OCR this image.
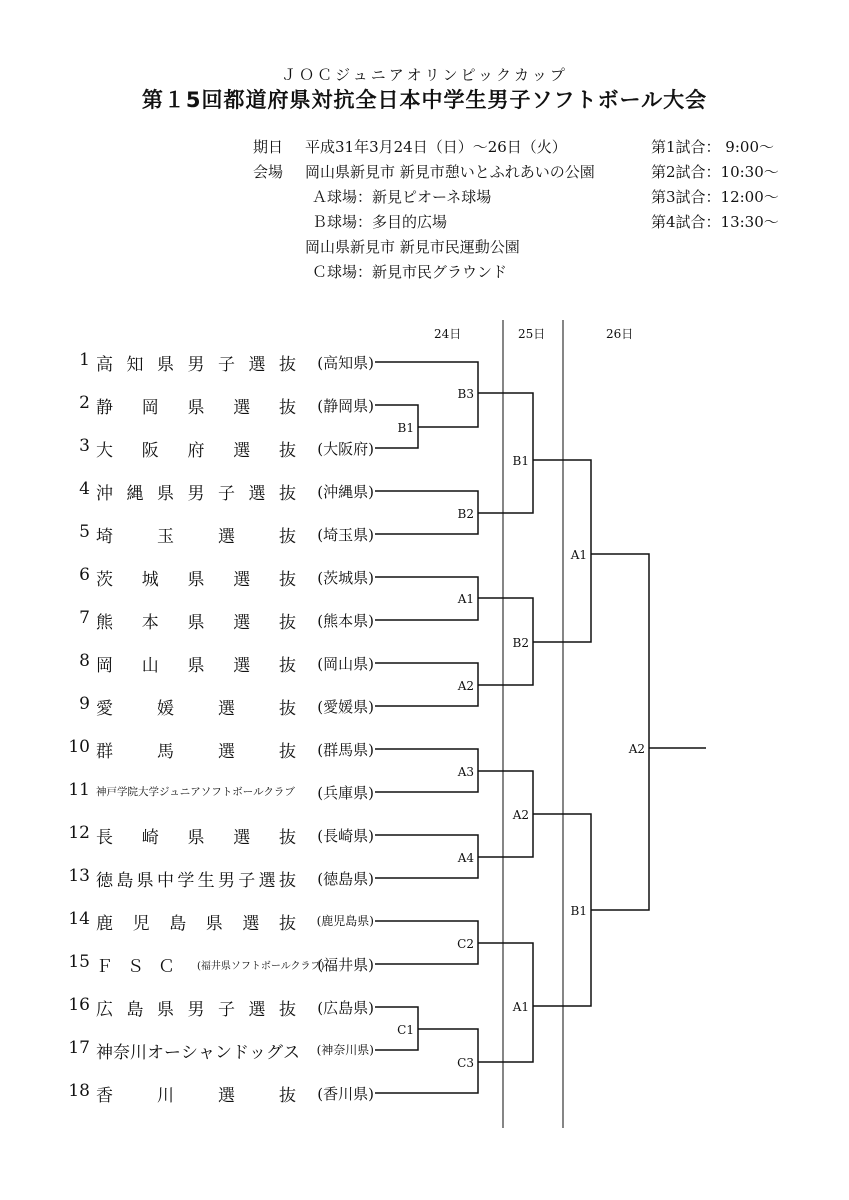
ＪＯＣジュニアオリンピックカップ
第１5回都道府県対抗全日本中学生男子ソフトボール大会
期日 平成31年3月24日（日）〜26日（火）
会場 岡山県新見市 新見市憩いとふれあいの公園
Ａ球場：新見ピオーネ球場
Ｂ球場：多目的広場
岡山県新見市 新見市民運動公園
Ｃ球場：新見市民グラウンド
第1試合： 9:00〜
第2試合：10:30〜
第3試合：12:00〜
第4試合：13:30〜
24日	25日	26日
1 高 知 県 男 子 選 抜 (高知県)
2 静 岡 県 選 抜 (静岡県)
3 大 阪 府 選 抜 (大阪府)
4 沖 縄 県 男 子 選 抜 (沖縄県)
5 埼	玉	選	抜 (埼玉県)
6 茨 城 県 選 抜 (茨城県)
7 熊 本 県 選 抜 (熊本県)
8 岡 山 県 選 抜 (岡山県)
9 愛	媛	選	抜 (愛媛県)
10 群	馬	選	抜 (群馬県)
11 神戸学院大学ジュニアソフトボールクラブ (兵庫県)
12 長 崎 県 選 抜 (長崎県)
13 徳 島 県 中 学 生 男 子 選 抜 (徳島県)
14 鹿 児 島 県 選 抜 (鹿児島県)
15 Ｆ Ｓ Ｃ (福井県ソフトボールクラブ)
(福井県)
16 広 島 県 男 子 選 抜 (広島県)
17 神 奈 川 オ ー シ ャ ン ド ッ グ ス (神奈川県)
18 香	川	選	抜 (香川県)
B1
C1
B3
B2
A1
A2
A3
A4
C2
C3
B1
B2
A2
A1
A1
B1
A2
